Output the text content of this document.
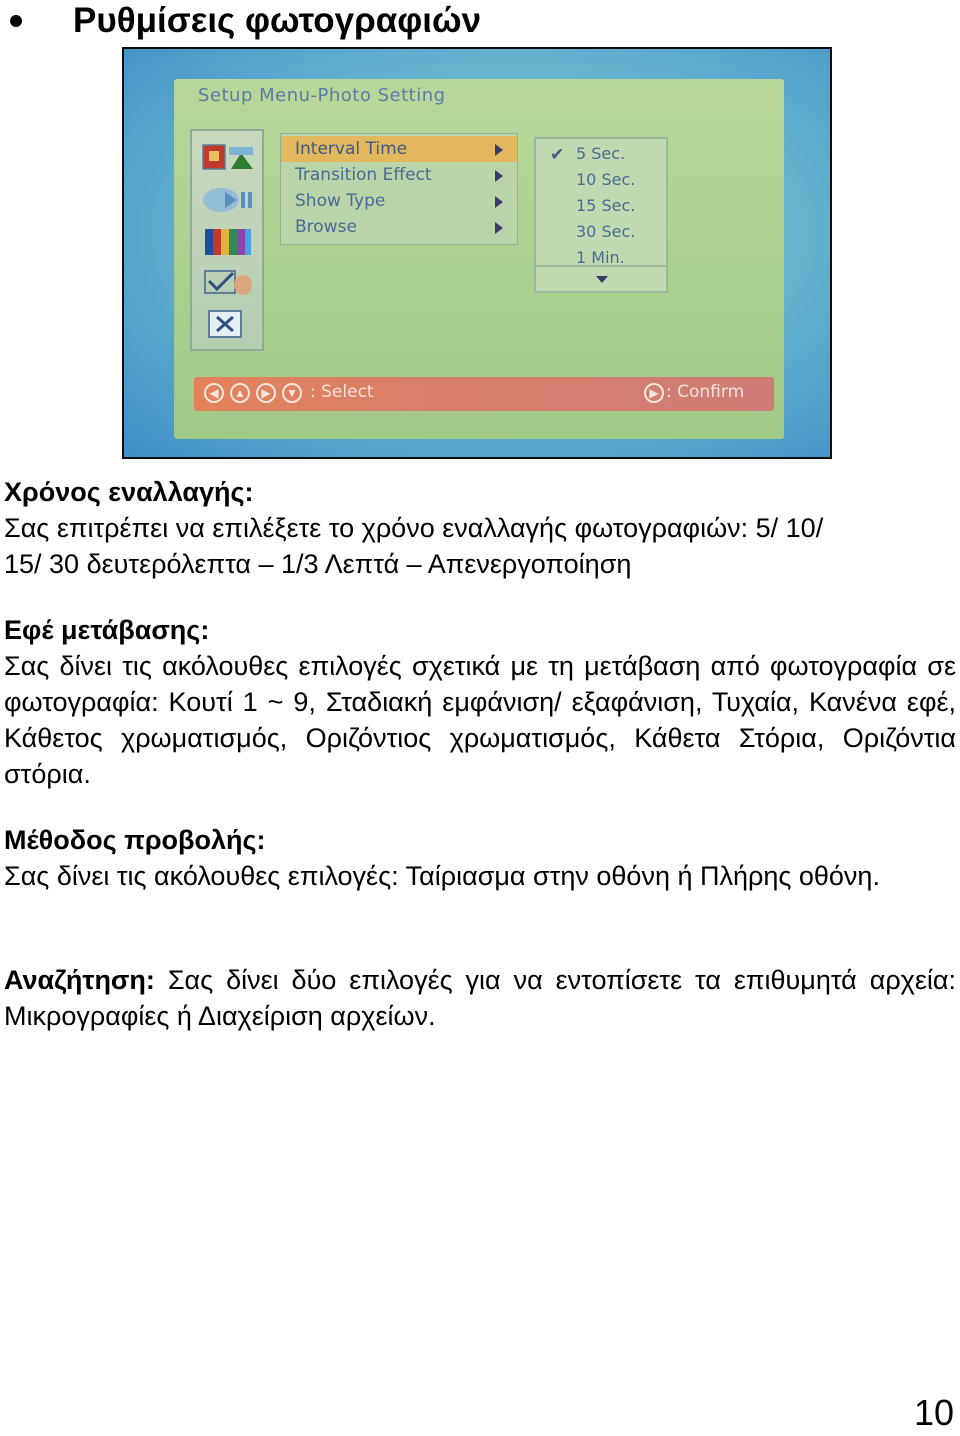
Ρυθμίσεις φωτογραφιών
Setup Menu-Photo Setting
Interval Time
Transition Effect
Show Type
Browse
✔ 5 Sec.
10 Sec.
15 Sec.
30 Sec.
1 Min.
◀	▲	▶	▼ : Select	▶ : Confirm
Χρόνος εναλλαγής:
Σας επιτρέπει να επιλέξετε το χρόνο εναλλαγής φωτογραφιών: 5/ 10/
15/ 30 δευτερόλεπτα – 1/3 Λεπτά – Απενεργοποίηση
Εφέ μετάβασης:
Σας δίνει τις ακόλουθες επιλογές σχετικά με τη μετάβαση από φωτογραφία σε φωτογραφία: Κουτί 1 ~ 9, Σταδιακή εμφάνιση/ εξαφάνιση, Τυχαία, Κανένα εφέ, Κάθετος χρωματισμός, Οριζόντιος χρωματισμός, Κάθετα Στόρια, Οριζόντια στόρια.
Μέθοδος προβολής:
Σας δίνει τις ακόλουθες επιλογές: Ταίριασμα στην οθόνη ή Πλήρης οθόνη.
Αναζήτηση: Σας δίνει δύο επιλογές για να εντοπίσετε τα επιθυμητά αρχεία: Μικρογραφίες ή Διαχείριση αρχείων.
10
